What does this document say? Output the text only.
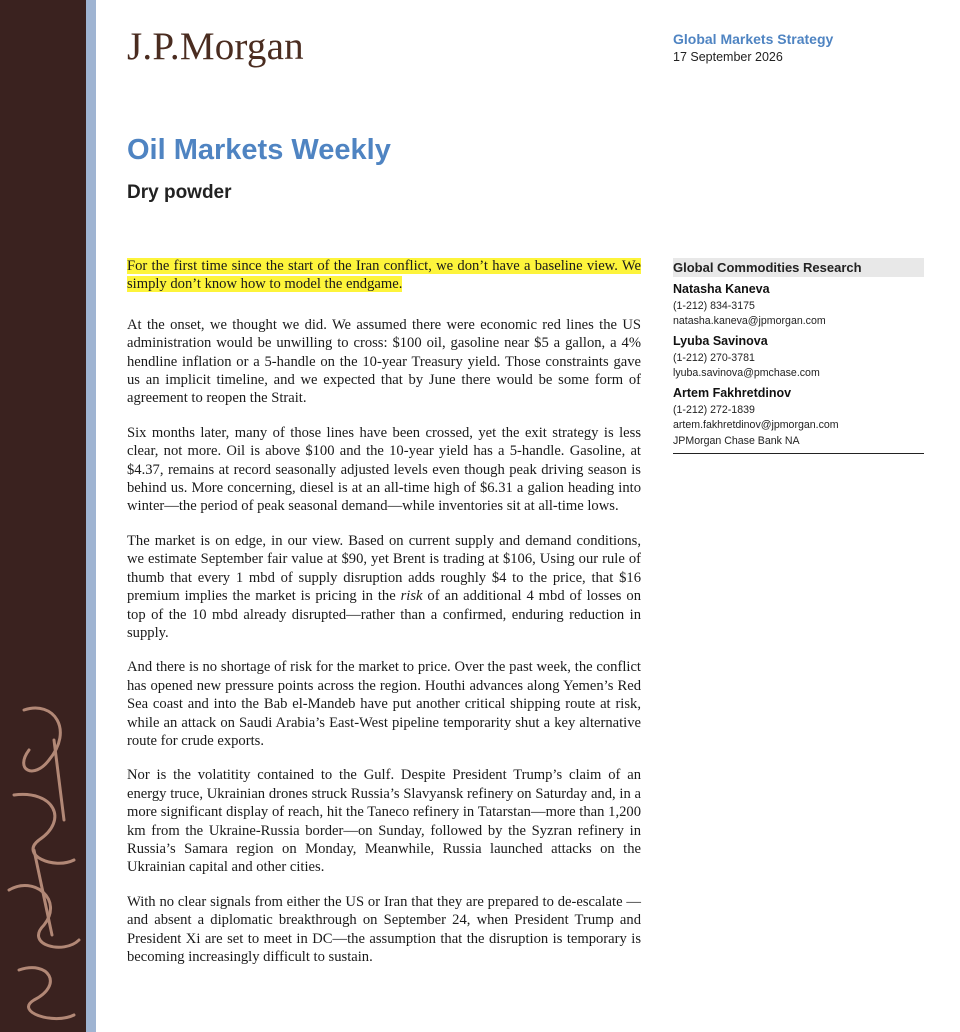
J.P.Morgan	Global Markets Strategy

17 September 2026

Oil Markets Weekly
Dry powder

For the first time since the start of the Iran conflict, we don’t have a baseline view. We simply don’t know how to model the endgame.

At the onset, we thought we did. We assumed there were economic red lines the US administration would be unwilling to cross: $100 oil, gasoline near $5 a gallon, a 4% hendline inflation or a 5-handle on the 10-year Treasury yield. Those constraints gave us an implicit timeline, and we expected that by June there would be some form of agreement to reopen the Strait.

Six months later, many of those lines have been crossed, yet the exit strategy is less clear, not more. Oil is above $100 and the 10-year yield has a 5-handle. Gasoline, at $4.37, remains at record seasonally adjusted levels even though peak driving season is behind us. More concerning, diesel is at an all-time high of $6.31 a galion heading into winter—the period of peak seasonal demand—while inventories sit at all-time lows.

The market is on edge, in our view. Based on current supply and demand conditions, we estimate September fair value at $90, yet Brent is trading at $106, Using our rule of thumb that every 1 mbd of supply disruption adds roughly $4 to the price, that $16 premium implies the market is pricing in the risk of an additional 4 mbd of losses on top of the 10 mbd already disrupted—rather than a confirmed, enduring reduction in supply.

And there is no shortage of risk for the market to price. Over the past week, the conflict has opened new pressure points across the region. Houthi advances along Yemen’s Red Sea coast and into the Bab el-Mandeb have put another critical shipping route at risk, while an attack on Saudi Arabia’s East-West pipeline temporarity shut a key alternative route for crude exports.

Nor is the volatitity contained to the Gulf. Despite President Trump’s claim of an energy truce, Ukrainian drones struck Russia’s Slavyansk refinery on Saturday and, in a more significant display of reach, hit the Taneco refinery in Tatarstan—more than 1,200 km from the Ukraine-Russia border—on Sunday, followed by the Syzran refinery in Russia’s Samara region on Monday, Meanwhile, Russia launched attacks on the Ukrainian capital and other cities.

With no clear signals from either the US or Iran that they are prepared to de-escalate —and absent a diplomatic breakthrough on September 24, when President Trump and President Xi are set to meet in DC—the assumption that the disruption is temporary is becoming increasingly difficult to sustain.

Global Commodities Research

Natasha Kaneva

(1-212) 834-3175

natasha.kaneva@jpmorgan.com

Lyuba Savinova

(1-212) 270-3781

lyuba.savinova@pmchase.com

Artem Fakhretdinov

(1-212) 272-1839

artem.fakhretdinov@jpmorgan.com

JPMorgan Chase Bank NA
